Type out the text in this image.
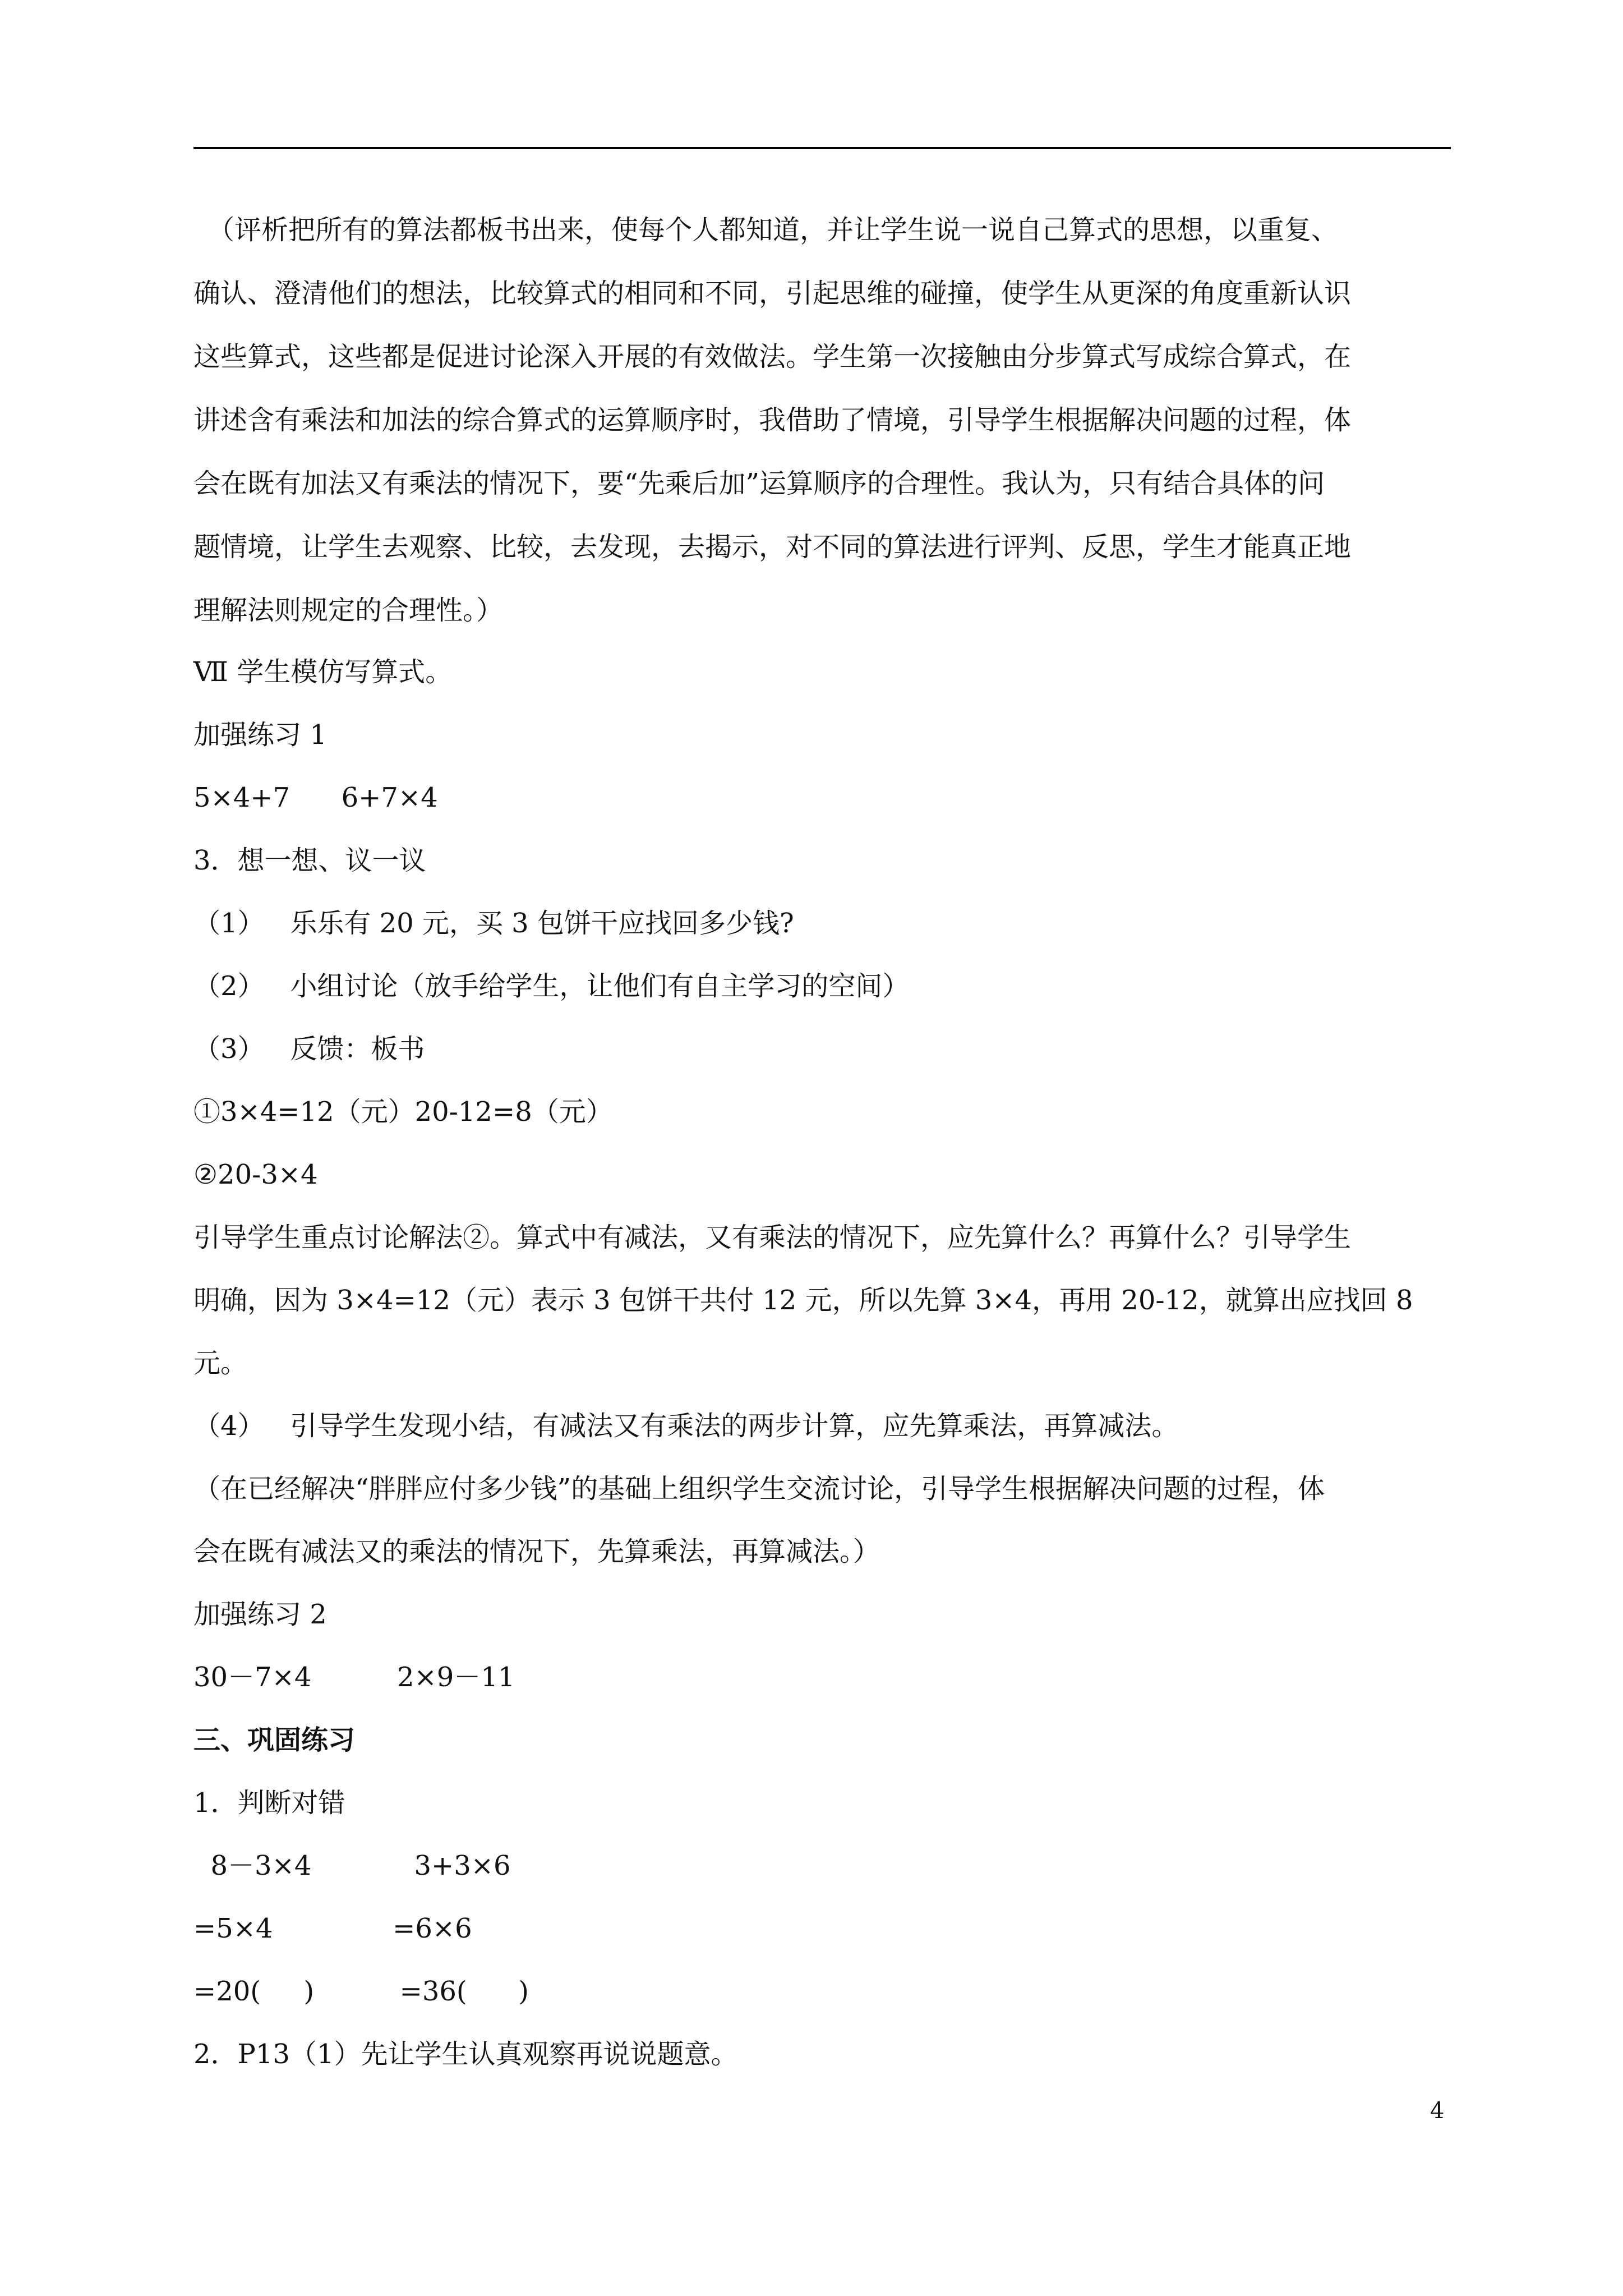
（评析把所有的算法都板书出来，使每个人都知道，并让学生说一说自己算式的思想，以重复、
确认、澄清他们的想法，比较算式的相同和不同，引起思维的碰撞，使学生从更深的角度重新认识
这些算式，这些都是促进讨论深入开展的有效做法。学生第一次接触由分步算式写成综合算式，在
讲述含有乘法和加法的综合算式的运算顺序时，我借助了情境，引导学生根据解决问题的过程，体
会在既有加法又有乘法的情况下，要“先乘后加”运算顺序的合理性。我认为，只有结合具体的问
题情境，让学生去观察、比较，去发现，去揭示，对不同的算法进行评判、反思，学生才能真正地
理解法则规定的合理性。）
Ⅶ 学生模仿写算式。
加强练习 1
5×4+7      6+7×4
3．想一想、议一议
（1）   乐乐有 20 元，买 3 包饼干应找回多少钱?
（2）   小组讨论（放手给学生，让他们有自主学习的空间）
（3）   反馈：板书
①3×4=12（元）20-12=8（元）
②20-3×4
引导学生重点讨论解法②。算式中有减法，又有乘法的情况下，应先算什么？再算什么？引导学生
明确，因为 3×4=12（元）表示 3 包饼干共付 12 元，所以先算 3×4，再用 20-12，就算出应找回 8
元。
（4）   引导学生发现小结，有减法又有乘法的两步计算，应先算乘法，再算减法。
（在已经解决“胖胖应付多少钱”的基础上组织学生交流讨论，引导学生根据解决问题的过程，体
会在既有减法又的乘法的情况下，先算乘法，再算减法。）
加强练习 2
30－7×4          2×9－11
三、巩固练习
1．判断对错
8－3×4            3+3×6
=5×4              =6×6
=20(     )          =36(      )
2．P13（1）先让学生认真观察再说说题意。
4
